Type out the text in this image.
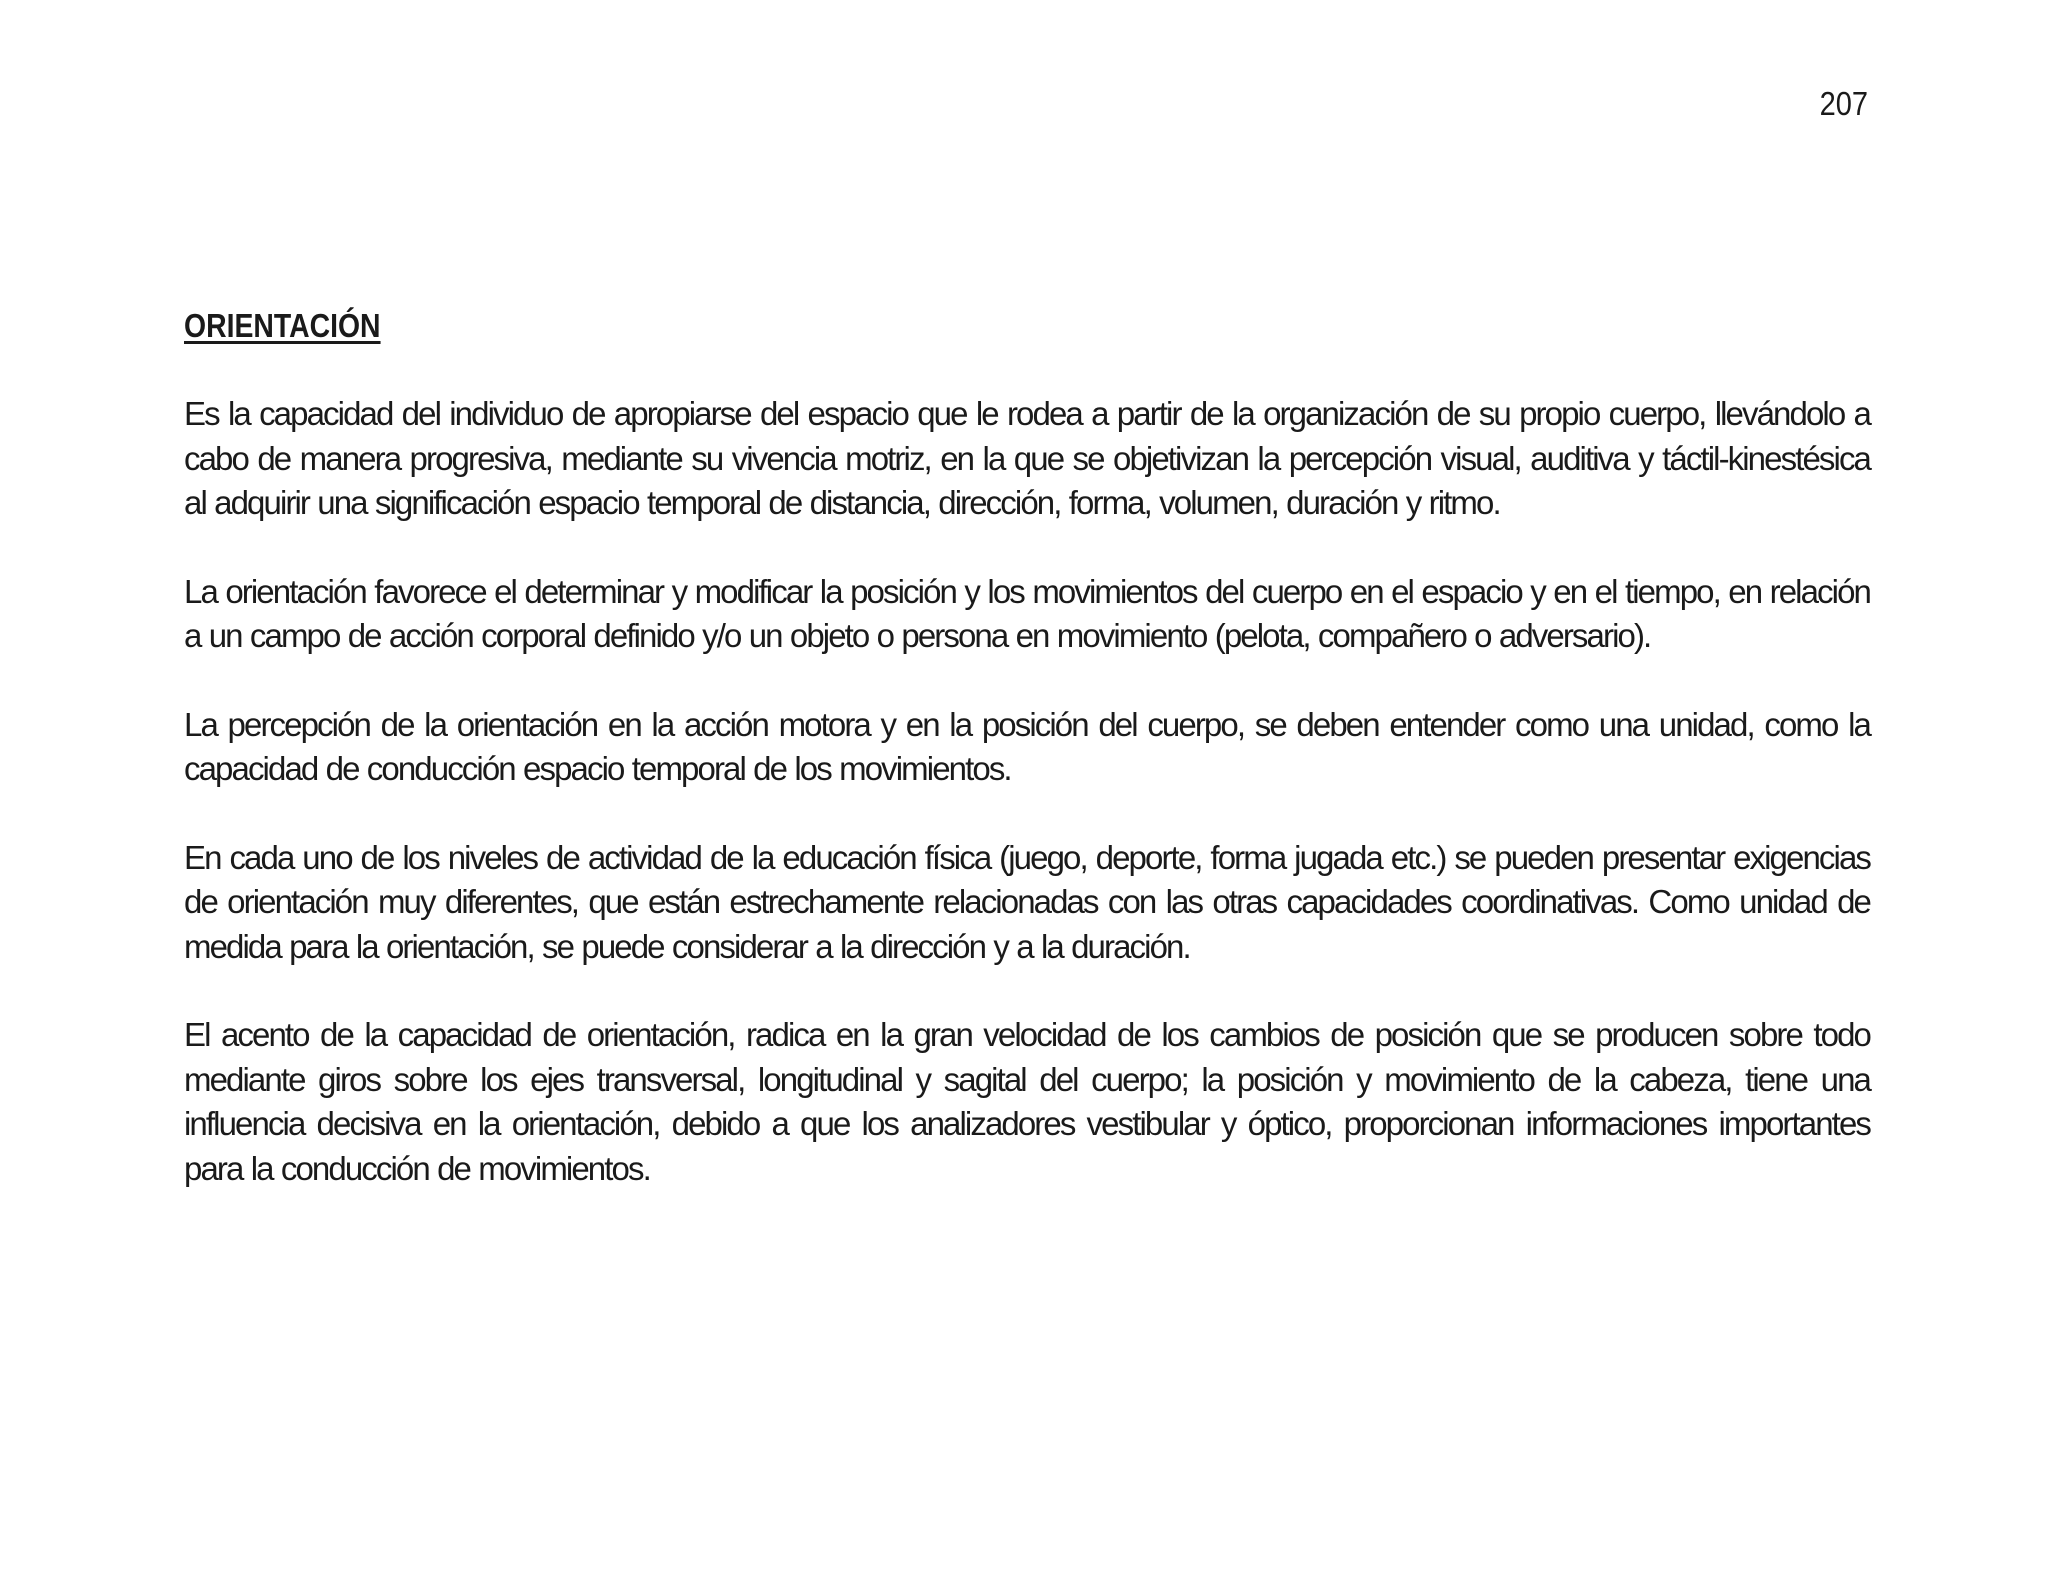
207
ORIENTACIÓN

Es la capacidad del individuo de apropiarse del espacio que le rodea a partir de la organización de su propio cuerpo, llevándolo a cabo de manera progresiva, mediante su vivencia motriz, en la que se objetivizan la percepción visual, auditiva y táctil-kinestésica al adquirir una significación espacio temporal de distancia, dirección, forma, volumen, duración y ritmo.

La orientación favorece el determinar y modificar la posición y los movimientos del cuerpo en el espacio y en el tiempo, en relación a un campo de acción corporal definido y/o un objeto o persona en movimiento (pelota, compañero o adversario).

La percepción de la orientación en la acción motora y en la posición del cuerpo, se deben entender como una unidad, como la capacidad de conducción espacio temporal de los movimientos.

En cada uno de los niveles de actividad de la educación física (juego, deporte, forma jugada etc.) se pueden presentar exigencias de orientación muy diferentes, que están estrechamente relacionadas con las otras capacidades coordinativas. Como unidad de medida para la orientación, se puede considerar a la dirección y a la duración.

El acento de la capacidad de orientación, radica en la gran velocidad de los cambios de posición que se producen sobre todo mediante giros sobre los ejes transversal, longitudinal y sagital del cuerpo; la posición y movimiento de la cabeza, tiene una influencia decisiva en la orientación, debido a que los analizadores vestibular y óptico, proporcionan informaciones importantes para la conducción de movimientos.
